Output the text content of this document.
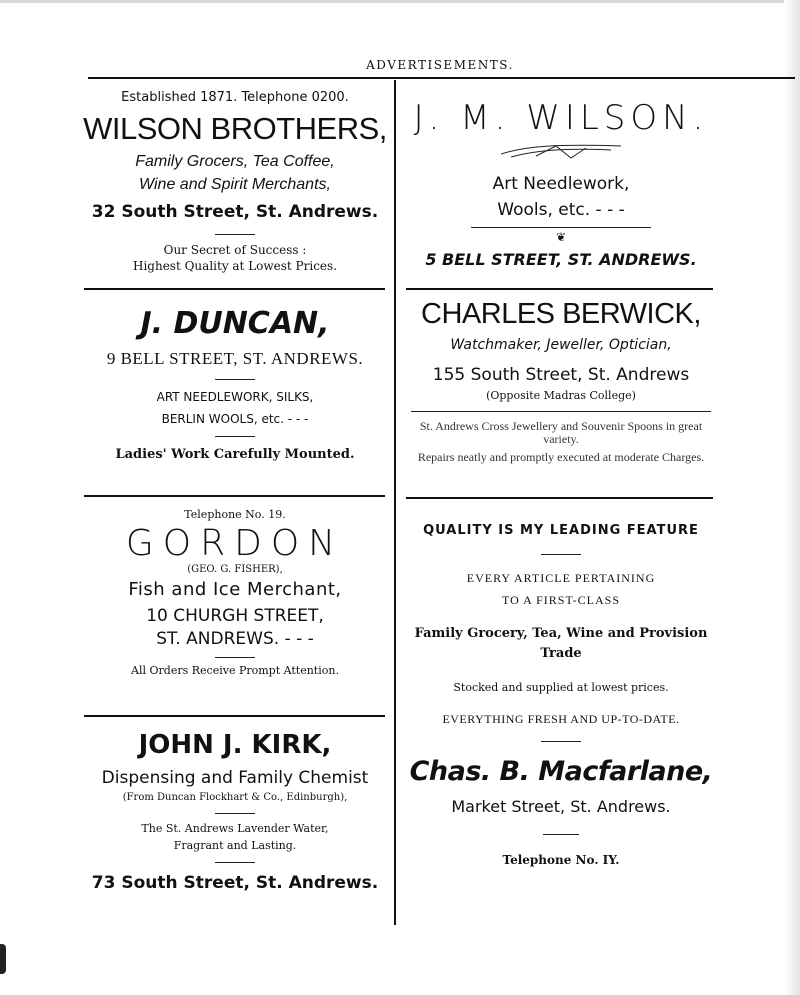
ADVERTISEMENTS.
Established 1871. Telephone 0200.
WILSON BROTHERS,
Family Grocers, Tea Coffee,
Wine and Spirit Merchants,
32 South Street, St. Andrews.
Our Secret of Success :
Highest Quality at Lowest Prices.
J. DUNCAN,
9 BELL STREET, ST. ANDREWS.
ART NEEDLEWORK, SILKS,
BERLIN WOOLS, etc. - - -
Ladies' Work Carefully Mounted.
Telephone No. 19.
GORDON
(GEO. G. FISHER),
Fish and Ice Merchant,
10 CHURGH STREET,
ST. ANDREWS. - - -
All Orders Receive Prompt Attention.
JOHN J. KIRK,
Dispensing and Family Chemist
(From Duncan Flockhart & Co., Edinburgh),
The St. Andrews Lavender Water,
Fragrant and Lasting.
73 South Street, St. Andrews.
J. M. WILSON.
Art Needlework,
Wools, etc. - - -
❦
5 BELL STREET, ST. ANDREWS.
CHARLES BERWICK,
Watchmaker, Jeweller, Optician,
155 South Street, St. Andrews
(Opposite Madras College)
St. Andrews Cross Jewellery and Souvenir Spoons in great variety.
Repairs neatly and promptly executed at moderate Charges.
QUALITY IS MY LEADING FEATURE
EVERY ARTICLE PERTAINING
TO A FIRST-CLASS
Family Grocery, Tea, Wine and Provision
Trade
Stocked and supplied at lowest prices.
EVERYTHING FRESH AND UP-TO-DATE.
Chas. B. Macfarlane,
Market Street, St. Andrews.
Telephone No. IY.
